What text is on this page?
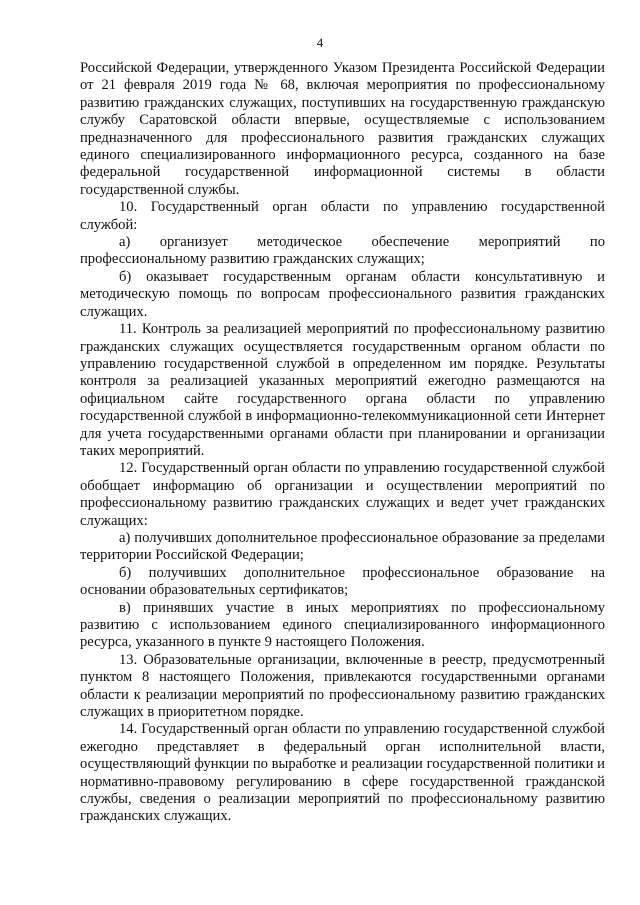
4

Российской Федерации, утвержденного Указом Президента Российской Федерации от 21 февраля 2019 года № 68, включая мероприятия по профессиональному развитию гражданских служащих, поступивших на государственную гражданскую службу Саратовской области впервые, осуществляемые с использованием предназначенного для профессионального развития гражданских служащих единого специализированного информационного ресурса, созданного на базе федеральной государственной информационной системы в области государственной службы.

10. Государственный орган области по управлению государственной службой:

а) организует методическое обеспечение мероприятий по профессиональному развитию гражданских служащих;

б) оказывает государственным органам области консультативную и методическую помощь по вопросам профессионального развития гражданских служащих.

11. Контроль за реализацией мероприятий по профессиональному развитию гражданских служащих осуществляется государственным органом области по управлению государственной службой в определенном им порядке. Результаты контроля за реализацией указанных мероприятий ежегодно размещаются на официальном сайте государственного органа области по управлению государственной службой в информационно-телекоммуникационной сети Интернет для учета государственными органами области при планировании и организации таких мероприятий.

12. Государственный орган области по управлению государственной службой обобщает информацию об организации и осуществлении мероприятий по профессиональному развитию гражданских служащих и ведет учет гражданских служащих:

а) получивших дополнительное профессиональное образование за пределами территории Российской Федерации;

б) получивших дополнительное профессиональное образование на основании образовательных сертификатов;

в) принявших участие в иных мероприятиях по профессиональному развитию с использованием единого специализированного информационного ресурса, указанного в пункте 9 настоящего Положения.

13. Образовательные организации, включенные в реестр, предусмотренный пунктом 8 настоящего Положения, привлекаются государственными органами области к реализации мероприятий по профессиональному развитию гражданских служащих в приоритетном порядке.

14. Государственный орган области по управлению государственной службой ежегодно представляет в федеральный орган исполнительной власти, осуществляющий функции по выработке и реализации государственной политики и нормативно-правовому регулированию в сфере государственной гражданской службы, сведения о реализации мероприятий по профессиональному развитию гражданских служащих.
